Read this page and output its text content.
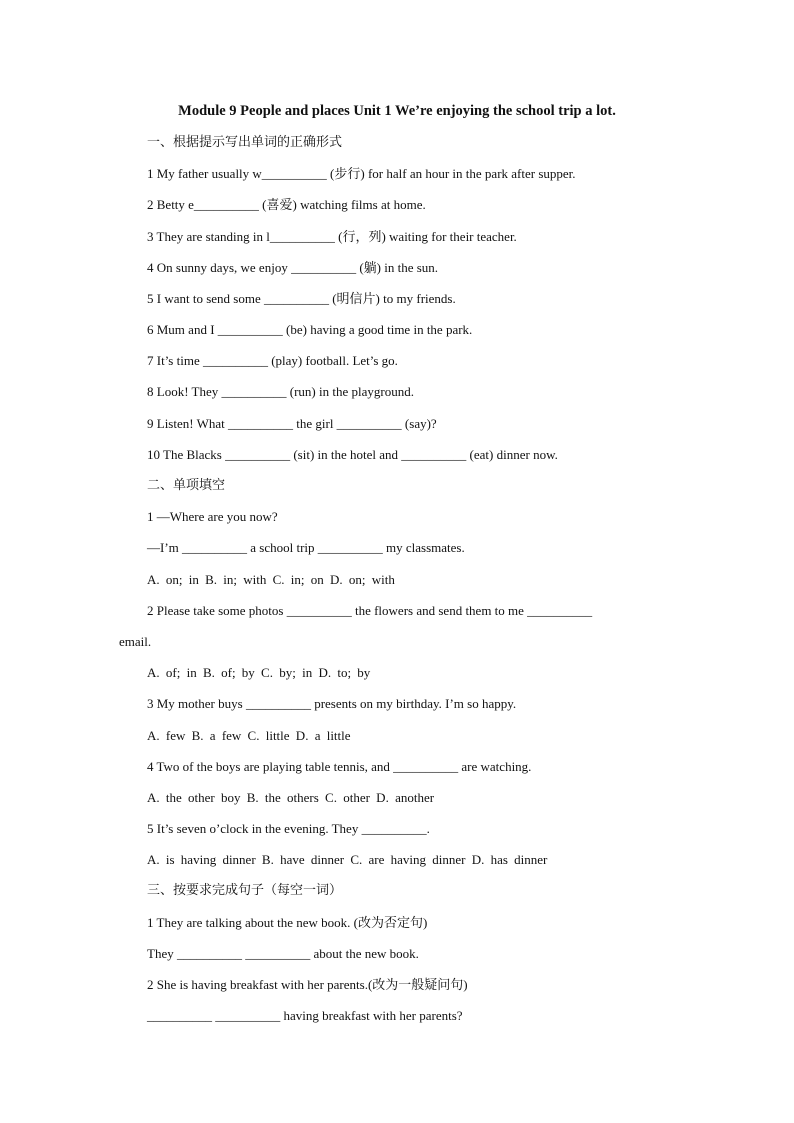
Module 9 People and places Unit 1 We’re enjoying the school trip a lot.
一、根据提示写出单词的正确形式
1 My father usually w__________ (步行) for half an hour in the park after supper.
2 Betty e__________ (喜爱) watching films at home.
3 They are standing in l__________ (行，列) waiting for their teacher.
4 On sunny days, we enjoy __________ (躺) in the sun.
5 I want to send some __________ (明信片) to my friends.
6 Mum and I __________ (be) having a good time in the park.
7 It’s time __________ (play) football. Let’s go.
8 Look! They __________ (run) in the playground.
9 Listen! What __________ the girl __________ (say)?
10 The Blacks __________ (sit) in the hotel and __________ (eat) dinner now.
二、单项填空
1 —Where are you now?
—I’m __________ a school trip __________ my classmates.
A. on; in B. in; with C. in; on D. on; with
2 Please take some photos __________ the flowers and send them to me __________
email.
A. of; in B. of; by C. by; in D. to; by
3 My mother buys __________ presents on my birthday. I’m so happy.
A. few B. a few C. little D. a little
4 Two of the boys are playing table tennis, and __________ are watching.
A. the other boy B. the others C. other D. another
5 It’s seven o’clock in the evening. They __________.
A. is having dinner B. have dinner C. are having dinner D. has dinner
三、按要求完成句子（每空一词）
1 They are talking about the new book. (改为否定句)
They __________ __________ about the new book.
2 She is having breakfast with her parents.(改为一般疑问句)
__________ __________ having breakfast with her parents?
